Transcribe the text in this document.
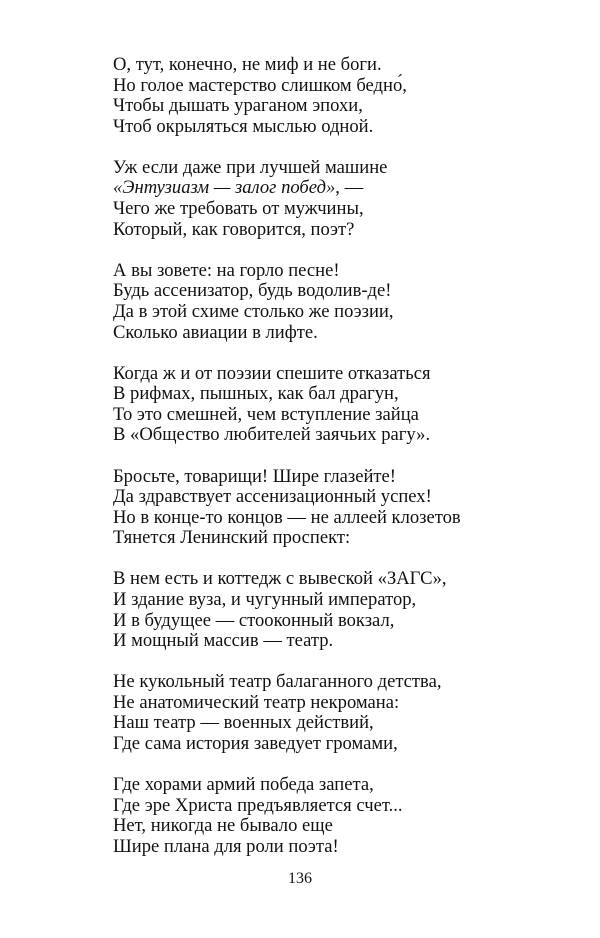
О, тут, конечно, не миф и не боги.
Но голое мастерство слишком бедно́,
Чтобы дышать ураганом эпохи,
Чтоб окрыляться мыслью одной.
Уж если даже при лучшей машине
«Энтузиазм — залог побед», —
Чего же требовать от мужчины,
Который, как говорится, поэт?
А вы зовете: на горло песне!
Будь ассенизатор, будь водолив-де!
Да в этой схиме столько же поэзии,
Сколько авиации в лифте.
Когда ж и от поэзии спешите отказаться
В рифмах, пышных, как бал драгун,
То это смешней, чем вступление зайца
В «Общество любителей заячьих рагу».
Бросьте, товарищи! Шире глазейте!
Да здравствует ассенизационный успех!
Но в конце-то концов — не аллеей клозетов
Тянется Ленинский проспект:
В нем есть и коттедж с вывеской «ЗАГС»,
И здание вуза, и чугунный император,
И в будущее — стооконный вокзал,
И мощный массив — театр.
Не кукольный театр балаганного детства,
Не анатомический театр некромана:
Наш театр — военных действий,
Где сама история заведует громами,
Где хорами армий победа запета,
Где эре Христа предъявляется счет...
Нет, никогда не бывало еще
Шире плана для роли поэта!
136
